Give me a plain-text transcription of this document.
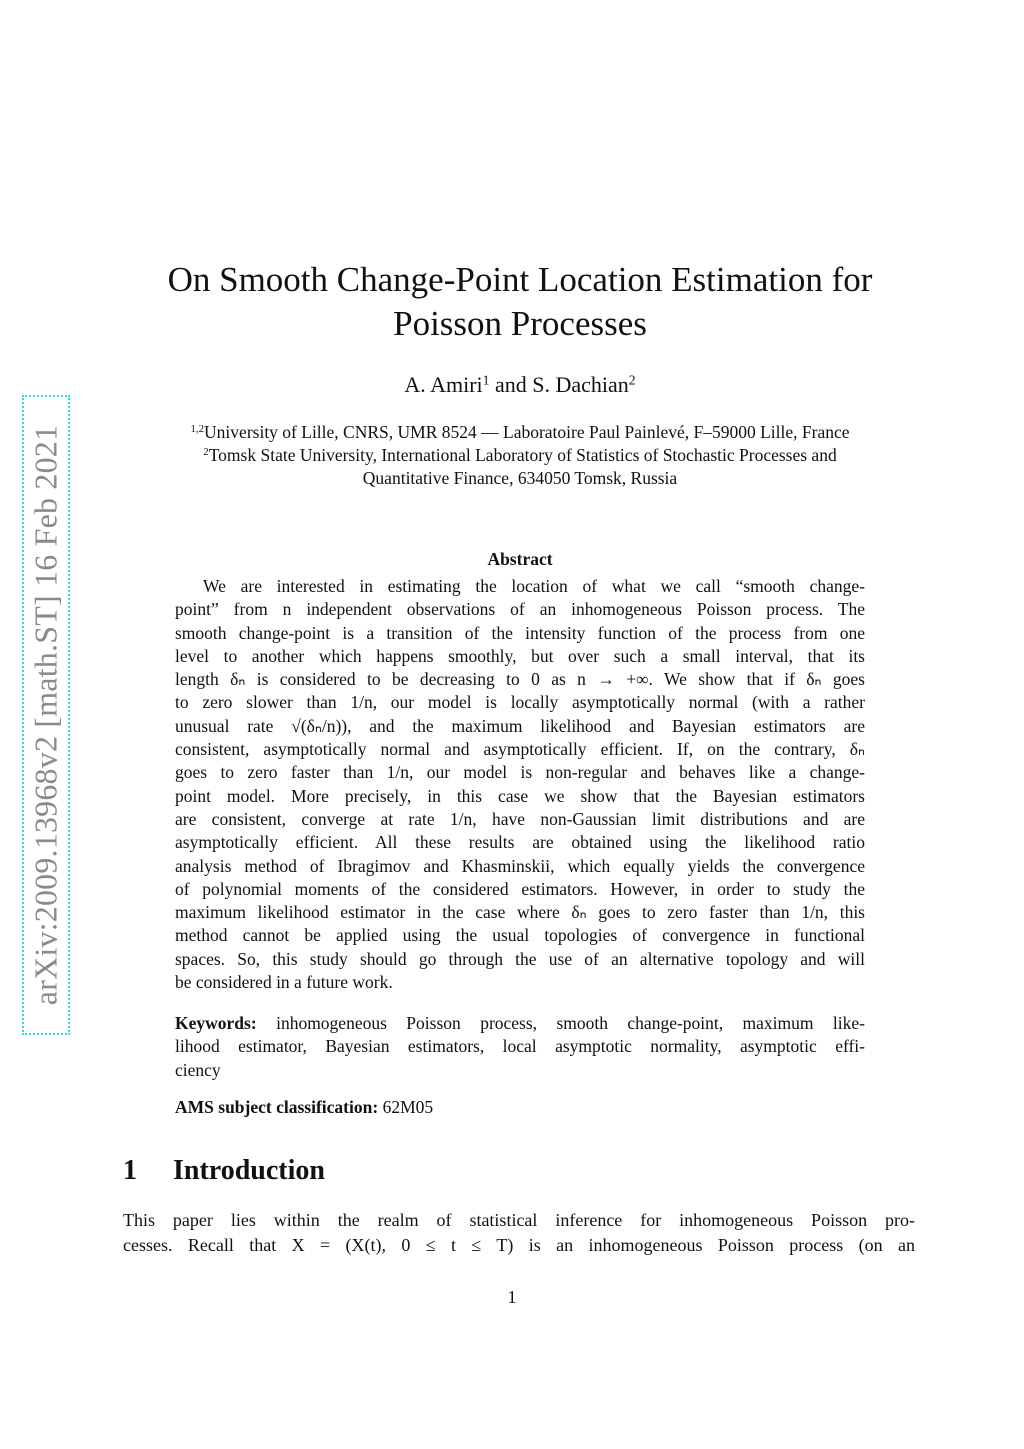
arXiv:2009.13968v2 [math.ST] 16 Feb 2021
On Smooth Change-Point Location Estimation for
Poisson Processes
A. Amiri$^1$ and S. Dachian$^2$
$^{1,2}$University of Lille, CNRS, UMR 8524 — Laboratoire Paul Painlevé, F–59000 Lille, France
$^2$Tomsk State University, International Laboratory of Statistics of Stochastic Processes and
Quantitative Finance, 634050 Tomsk, Russia
Abstract
We are interested in estimating the location of what we call “smooth change-
point” from n independent observations of an inhomogeneous Poisson process. The
smooth change-point is a transition of the intensity function of the process from one
level to another which happens smoothly, but over such a small interval, that its
length δₙ is considered to be decreasing to 0 as n → +∞. We show that if δₙ goes
to zero slower than 1/n, our model is locally asymptotically normal (with a rather
unusual rate √(δₙ/n)), and the maximum likelihood and Bayesian estimators are
consistent, asymptotically normal and asymptotically efficient. If, on the contrary, δₙ
goes to zero faster than 1/n, our model is non-regular and behaves like a change-
point model. More precisely, in this case we show that the Bayesian estimators
are consistent, converge at rate 1/n, have non-Gaussian limit distributions and are
asymptotically efficient. All these results are obtained using the likelihood ratio
analysis method of Ibragimov and Khasminskii, which equally yields the convergence
of polynomial moments of the considered estimators. However, in order to study the
maximum likelihood estimator in the case where δₙ goes to zero faster than 1/n, this
method cannot be applied using the usual topologies of convergence in functional
spaces. So, this study should go through the use of an alternative topology and will
be considered in a future work.
Keywords: inhomogeneous Poisson process, smooth change-point, maximum like-
lihood estimator, Bayesian estimators, local asymptotic normality, asymptotic effi-
ciency
AMS subject classification: 62M05
1 Introduction
This paper lies within the realm of statistical inference for inhomogeneous Poisson pro-
cesses. Recall that X = (X(t), 0 ≤ t ≤ T) is an inhomogeneous Poisson process (on an
1
